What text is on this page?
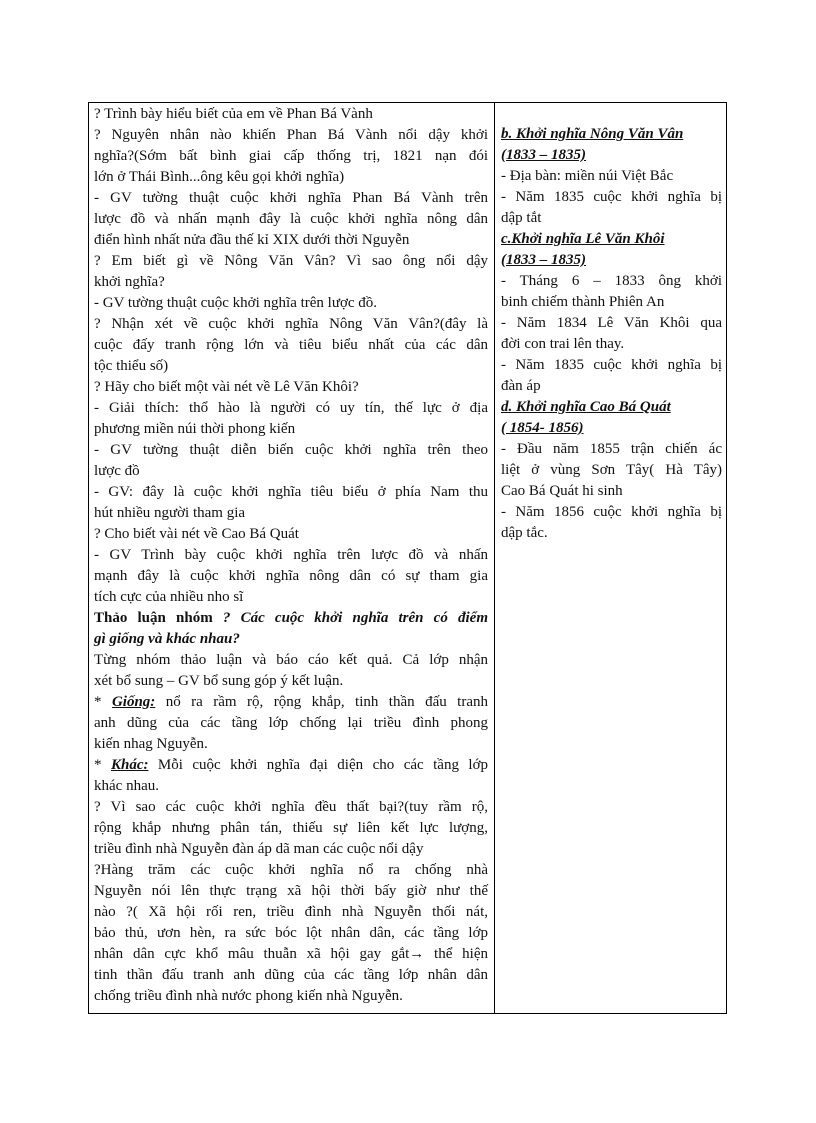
? Trình bày hiểu biết của em về Phan Bá Vành

? Nguyên nhân nào khiến Phan Bá Vành nổi dậy khởi

nghĩa?(Sớm bất bình giai cấp thống trị, 1821 nạn đói

lớn ở Thái Bình...ông kêu gọi khởi nghĩa)

- GV tường thuật cuộc khởi nghĩa Phan Bá Vành trên

lược đồ và nhấn mạnh đây là cuộc khởi nghĩa nông dân

điển hình nhất nửa đầu thế kỉ XIX dưới thời Nguyễn

? Em biết gì về Nông Văn Vân? Vì sao ông nổi dậy

khởi nghĩa?

- GV tường thuật cuộc khởi nghĩa trên lược đồ.

? Nhận xét về cuộc khởi nghĩa Nông Văn Vân?(đây là

cuộc đấy tranh rộng lớn và tiêu biểu nhất của các dân

tộc thiểu số)

? Hãy cho biết một vài nét về Lê Văn Khôi?

- Giải thích: thổ hào là người có uy tín, thế lực ở địa

phương miền núi thời phong kiến

- GV tường thuật diễn biến cuộc khởi nghĩa trên theo

lược đồ

- GV: đây là cuộc khởi nghĩa tiêu biểu ở phía Nam thu

hút nhiều người tham gia

? Cho biết vài nét về Cao Bá Quát

- GV Trình bày cuộc khởi nghĩa trên lược đồ và nhấn

mạnh đây là cuộc khởi nghĩa nông dân có sự tham gia

tích cực của nhiều nho sĩ

Thảo luận nhóm ? Các cuộc khởi nghĩa trên có điểm

gì giống và khác nhau?

Từng nhóm thảo luận và báo cáo kết quả. Cả lớp nhận

xét bổ sung – GV bổ sung góp ý kết luận.

* Giống: nổ ra rầm rộ, rộng khắp, tinh thần đấu tranh

anh dũng của các tầng lớp chống lại triều đình phong

kiến nhag Nguyễn.

* Khác: Mỗi cuộc khởi nghĩa đại diện cho các tầng lớp

khác nhau.

? Vì sao các cuộc khởi nghĩa đều thất bại?(tuy rầm rộ,

rộng khắp nhưng phân tán, thiếu sự liên kết lực lượng,

triều đình nhà Nguyễn đàn áp dã man các cuộc nổi dậy

?Hàng trăm các cuộc khởi nghĩa nổ ra chống nhà

Nguyễn nói lên thực trạng xã hội thời bấy giờ như thế

nào ?( Xã hội rối ren, triều đình nhà Nguyễn thối nát,

bảo thủ, ươn hèn, ra sức bóc lột nhân dân, các tầng lớp

nhân dân cực khổ mâu thuẫn xã hội gay gắt→ thể hiện

tinh thần đấu tranh anh dũng của các tầng lớp nhân dân

chống triều đình nhà nước phong kiến nhà Nguyễn.

b. Khởi nghĩa Nông Văn Vân

(1833 – 1835)

- Địa bàn: miền núi Việt Bắc

- Năm 1835 cuộc khởi nghĩa bị

dập tắt

c.Khởi nghĩa Lê Văn Khôi

(1833 – 1835)

- Tháng 6 – 1833 ông khởi

binh chiếm thành Phiên An

- Năm 1834 Lê Văn Khôi qua

đời con trai lên thay.

- Năm 1835 cuộc khởi nghĩa bị

đàn áp

d. Khởi nghĩa Cao Bá Quát

( 1854- 1856)

- Đầu năm 1855 trận chiến ác

liệt ở vùng Sơn Tây( Hà Tây)

Cao Bá Quát hi sinh

- Năm 1856 cuộc khởi nghĩa bị

dập tắc.
